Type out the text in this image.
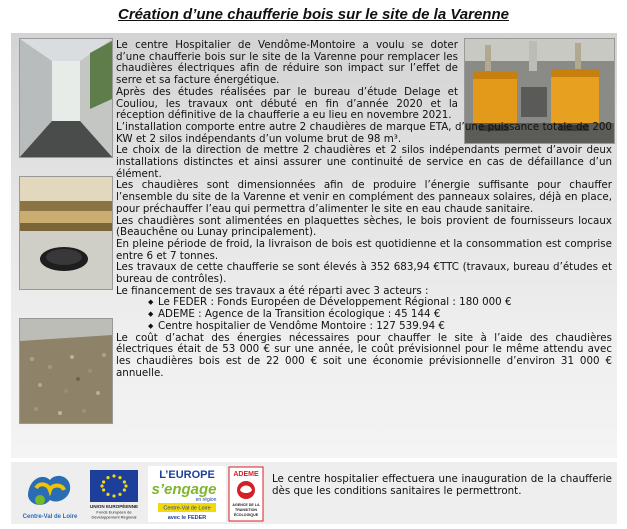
Création d’une chaufferie bois sur le site de la Varenne

Le centre Hospitalier de Vendôme-Montoire a voulu se doter d’une chaufferie bois sur le site de la Varenne pour remplacer les chaudières électriques afin de réduire son impact sur l’effet de serre et sa facture énergétique.

Après des études réalisées par le bureau d’étude Delage et Couliou, les travaux ont débuté en fin d’année 2020 et la réception définitive de la chaufferie a eu lieu en novembre 2021.

L’installation comporte entre autre 2 chaudières de marque ETA, d’une puissance totale de 200 KW et 2 silos indépendants d’un volume brut de 98 m³.

Le choix de la direction de mettre 2 chaudières et 2 silos indépendants permet d’avoir deux installations distinctes et ainsi assurer une continuité de service en cas de défaillance d’un élément.

Les chaudières sont dimensionnées afin de produire l’énergie suffisante pour chauffer l’ensemble du site de la Varenne et venir en complément des panneaux solaires, déjà en place, pour préchauffer l’eau qui permettra d’alimenter le site en eau chaude sanitaire.

Les chaudières sont alimentées en plaquettes sèches, le bois provient de fournisseurs locaux (Beauchêne ou Lunay principalement).

En pleine période de froid, la livraison de bois est quotidienne et la consommation est comprise entre 6 et 7 tonnes.

Les travaux de cette chaufferie se sont élevés à 352 683,94 €TTC (travaux, bureau d’études et bureau de contrôles).

Le financement de ses travaux a été réparti avec 3 acteurs :

◆ Le FEDER : Fonds Européen de Développement Régional : 180 000 €
◆ ADEME : Agence de la Transition écologique : 45 144 €
◆ Centre hospitalier de Vendôme Montoire : 127 539.94 €

Le coût d’achat des énergies nécessaires pour chauffer le site à l’aide des chaudières électriques était de 53 000 € sur une année, le coût prévisionnel pour le même attendu avec les chaudières bois est de 22 000 € soit une économie prévisionnelle d’environ 31 000 € annuelle.

Centre-Val de Loire
UNION EUROPÉENNE
Fonds Européen de
Développement Régional
L’EUROPE
s’engage
en région
Centre-Val de Loire
avec le FEDER
ADEME
AGENCE DE LA
TRANSITION
ÉCOLOGIQUE
Le centre hospitalier effectuera une inauguration de la chaufferie dès que les conditions sanitaires le permettront.
